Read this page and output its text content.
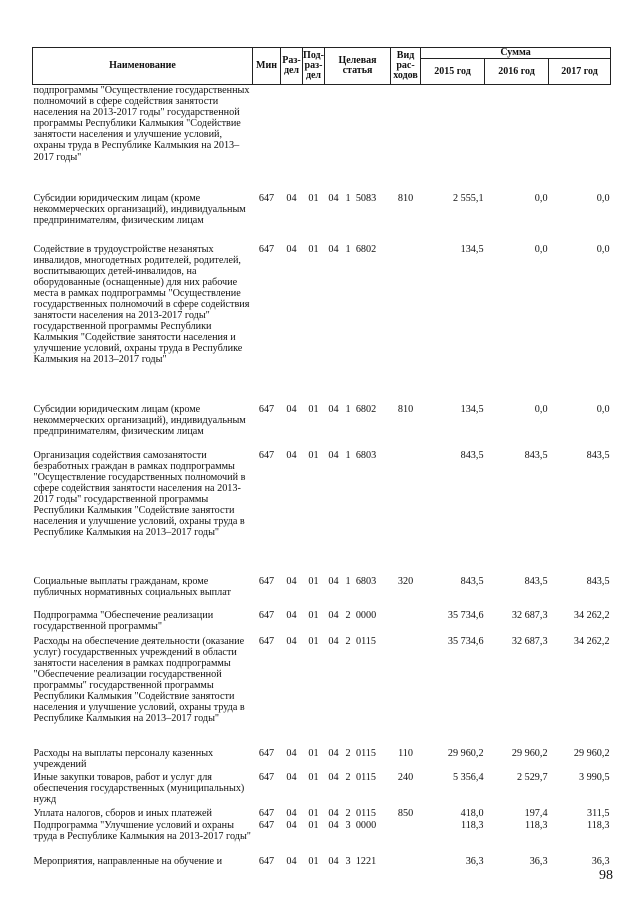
Наименование	Мин	Раз-дел	Под-раз-дел	Целевая статья				Вид рас-ходов	Сумма		
									2015 год	2016 год	2017 год
подпрограммы "Осуществление государственных полномочий в сфере содействия занятости населения на 2013-2017 годы" государственной программы Республики Калмыкия "Содействие занятости населения и улучшение условий, охраны труда в Республике Калмыкия на 2013–2017 годы"											
Субсидии юридическим лицам (кроме некоммерческих организаций), индивидуальным предпринимателям, физическим лицам	647	04	01	04	1	5083		810	2 555,1	0,0	0,0
Содействие в трудоустройстве незанятых инвалидов, многодетных родителей, родителей, воспитывающих детей-инвалидов, на оборудованные (оснащенные) для них рабочие места в рамках подпрограммы "Осуществление государственных полномочий в сфере содействия занятости населения на 2013-2017 годы" государственной программы Республики Калмыкия "Содействие занятости населения и улучшение условий, охраны труда в Республике Калмыкия на 2013–2017 годы"	647	04	01	04	1	6802			134,5	0,0	0,0
Субсидии юридическим лицам (кроме некоммерческих организаций), индивидуальным предпринимателям, физическим лицам	647	04	01	04	1	6802		810	134,5	0,0	0,0
Организация содействия самозанятости безработных граждан в рамках подпрограммы "Осуществление государственных полномочий в сфере содействия занятости населения на 2013-2017 годы" государственной программы Республики Калмыкия "Содействие занятости населения и улучшение условий, охраны труда в Республике Калмыкия на 2013–2017 годы"	647	04	01	04	1	6803			843,5	843,5	843,5
Социальные выплаты гражданам, кроме публичных нормативных социальных выплат	647	04	01	04	1	6803		320	843,5	843,5	843,5
Подпрограмма "Обеспечение реализации государственной программы"	647	04	01	04	2	0000			35 734,6	32 687,3	34 262,2
Расходы на обеспечение деятельности (оказание услуг) государственных учреждений в области занятости населения в рамках подпрограммы "Обеспечение реализации государственной программы" государственной программы Республики Калмыкия "Содействие занятости населения и улучшение условий, охраны труда в Республике Калмыкия на 2013–2017 годы"	647	04	01	04	2	0115			35 734,6	32 687,3	34 262,2
Расходы на выплаты персоналу казенных учреждений	647	04	01	04	2	0115		110	29 960,2	29 960,2	29 960,2
Иные закупки товаров, работ и услуг для обеспечения государственных (муниципальных) нужд	647	04	01	04	2	0115		240	5 356,4	2 529,7	3 990,5
Уплата налогов, сборов и иных платежей	647	04	01	04	2	0115		850	418,0	197,4	311,5
Подпрограмма "Улучшение условий и охраны труда в Республике Калмыкия на 2013-2017 годы"	647	04	01	04	3	0000			118,3	118,3	118,3
Мероприятия, направленные на обучение и	647	04	01	04	3	1221			36,3	36,3	36,3
98
